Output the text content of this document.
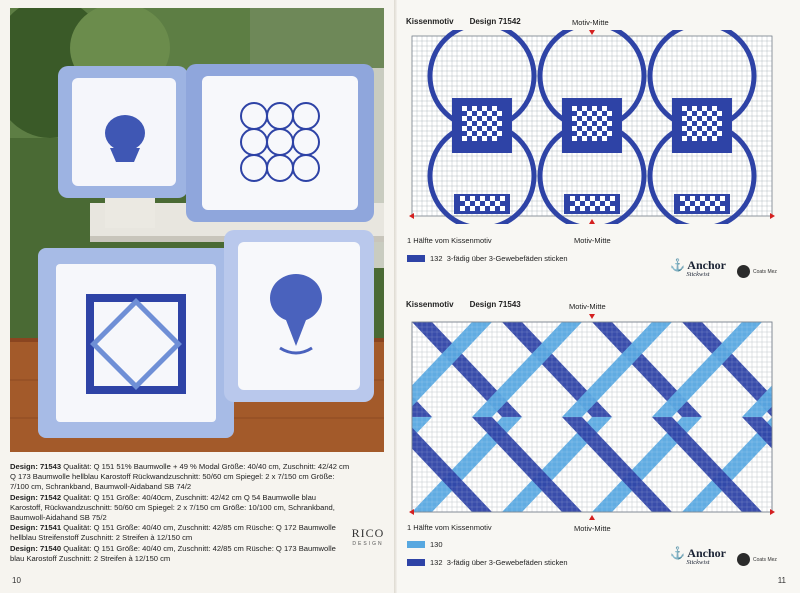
Design: 71543 Qualität: Q 151 51% Baumwolle + 49 % Modal Größe: 40/40 cm, Zuschnitt: 42/42 cm Q 173 Baumwolle hellblau Karostoff Rückwandzuschnitt: 50/60 cm Spiegel: 2 x 7/150 cm Größe: 7/100 cm, Schrankband, Baumwoll-Aidaband SB 74/2

Design: 71542 Qualität: Q 151 Größe: 40/40cm, Zuschnitt: 42/42 cm Q 54 Baumwolle blau Karostoff, Rückwandzuschnitt: 50/60 cm Spiegel: 2 x 7/150 cm Größe: 10/100 cm, Schrankband, Baumwoll-Aidahand SB 75/2

Design: 71541 Qualität: Q 151 Größe: 40/40 cm, Zuschnitt: 42/85 cm Rüsche: Q 172 Baumwolle hellblau Streifenstoff Zuschnitt: 2 Streifen à 12/150 cm

Design: 71540 Qualität: Q 151 Größe: 40/40 cm, Zuschnitt: 42/85 cm Rüsche: Q 173 Baumwolle blau Karostoff Zuschnitt: 2 Streifen à 12/150 cm

RICO
DESIGN
10
Kissenmotiv Design 71542	Motiv-Mitte
1 Hälfte vom Kissenmotiv	Motiv-Mitte
132 3-fädig über 3-Gewebefäden sticken	⚓ Anchor
Stickwist	Coats Mez
Kissenmotiv Design 71543	Motiv-Mitte
1 Hälfte vom Kissenmotiv	Motiv-Mitte
130
132 3-fädig über 3-Gewebefäden sticken
⚓ Anchor
Stickwist	Coats Mez
11
